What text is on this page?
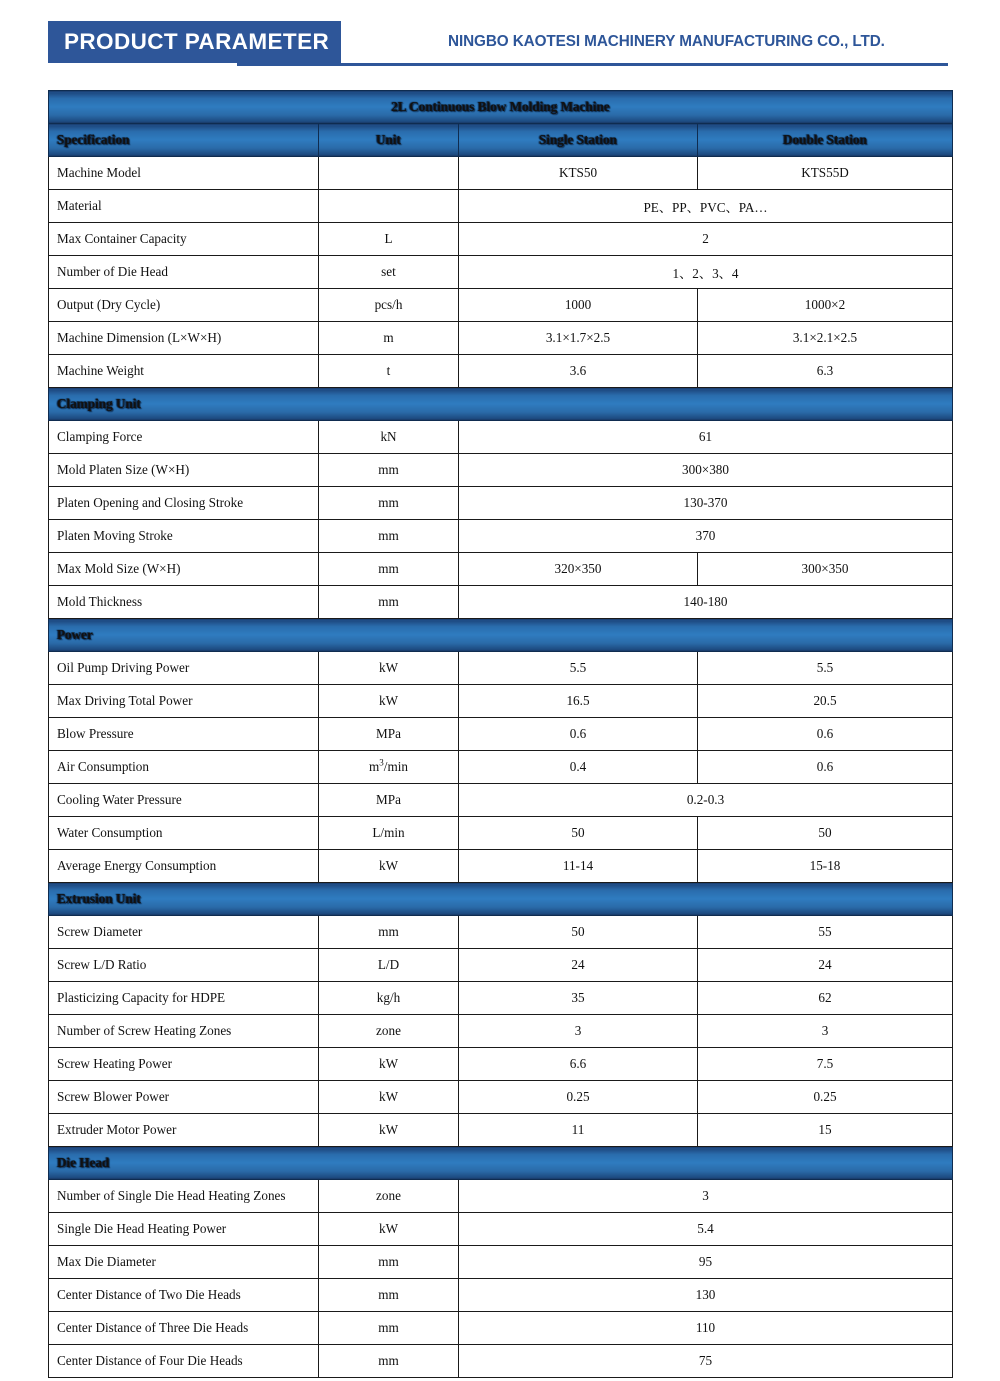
PRODUCT PARAMETER	NINGBO KAOTESI MACHINERY MANUFACTURING CO., LTD.
2L Continuous Blow Molding Machine			
Specification	Unit	Single Station	Double Station
Machine Model		KTS50	KTS55D
Material		PE、PP、PVC、PA…	
Max Container Capacity	L	2	
Number of Die Head	set	1、2、3、4	
Output (Dry Cycle)	pcs/h	1000	1000×2
Machine Dimension (L×W×H)	m	3.1×1.7×2.5	3.1×2.1×2.5
Machine Weight	t	3.6	6.3
Clamping Unit			
Clamping Force	kN	61	
Mold Platen Size (W×H)	mm	300×380	
Platen Opening and Closing Stroke	mm	130-370	
Platen Moving Stroke	mm	370	
Max Mold Size (W×H)	mm	320×350	300×350
Mold Thickness	mm	140-180	
Power			
Oil Pump Driving Power	kW	5.5	5.5
Max Driving Total Power	kW	16.5	20.5
Blow Pressure	MPa	0.6	0.6
Air Consumption	$m^3/\min$	0.4	0.6
Cooling Water Pressure	MPa	0.2-0.3	
Water Consumption	L/min	50	50
Average Energy Consumption	kW	11-14	15-18
Extrusion Unit			
Screw Diameter	mm	50	55
Screw L/D Ratio	L/D	24	24
Plasticizing Capacity for HDPE	kg/h	35	62
Number of Screw Heating Zones	zone	3	3
Screw Heating Power	kW	6.6	7.5
Screw Blower Power	kW	0.25	0.25
Extruder Motor Power	kW	11	15
Die Head			
Number of Single Die Head Heating Zones	zone	3	
Single Die Head Heating Power	kW	5.4	
Max Die Diameter	mm	95	
Center Distance of Two Die Heads	mm	130	
Center Distance of Three Die Heads	mm	110	
Center Distance of Four Die Heads	mm	75	
